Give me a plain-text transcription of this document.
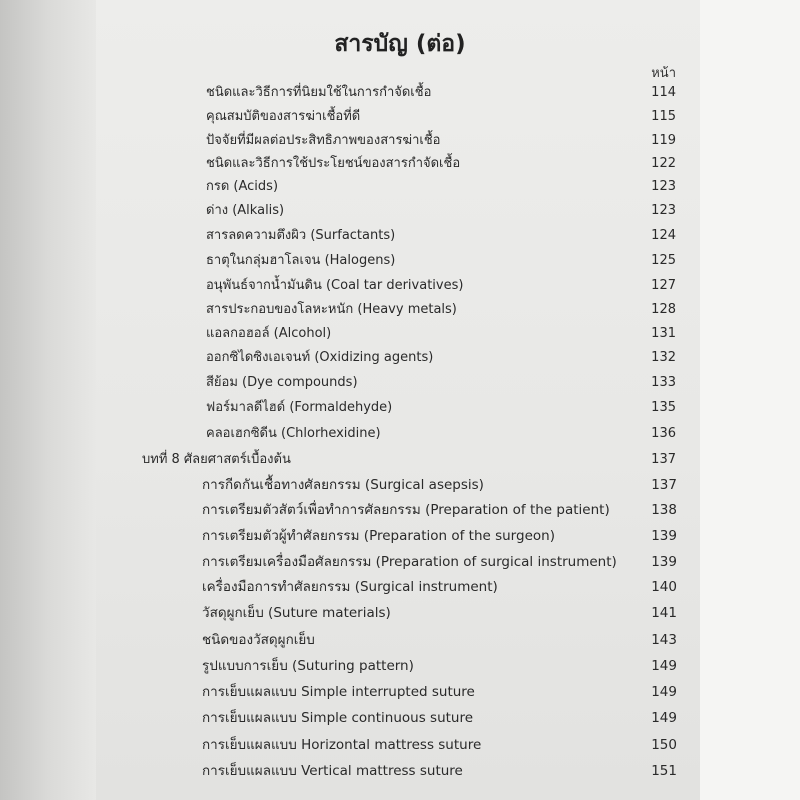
สารบัญ (ต่อ)
หน้า
ชนิดและวิธีการที่นิยมใช้ในการกำจัดเชื้อ	114
คุณสมบัติของสารฆ่าเชื้อที่ดี	115
ปัจจัยที่มีผลต่อประสิทธิภาพของสารฆ่าเชื้อ	119
ชนิดและวิธีการใช้ประโยชน์ของสารกำจัดเชื้อ	122
กรด (Acids)	123
ด่าง (Alkalis)	123
สารลดความตึงผิว (Surfactants)	124
ธาตุในกลุ่มฮาโลเจน (Halogens)	125
อนุพันธ์จากน้ำมันดิน (Coal tar derivatives)	127
สารประกอบของโลหะหนัก (Heavy metals)	128
แอลกอฮอล์ (Alcohol)	131
ออกซิไดซิงเอเจนท์ (Oxidizing agents)	132
สีย้อม (Dye compounds)	133
ฟอร์มาลดีไฮด์ (Formaldehyde)	135
คลอเฮกซิดีน (Chlorhexidine)	136
บทที่ 8 ศัลยศาสตร์เบื้องต้น	137
การกีดกันเชื้อทางศัลยกรรม (Surgical asepsis)	137
การเตรียมตัวสัตว์เพื่อทำการศัลยกรรม (Preparation of the patient)	138
การเตรียมตัวผู้ทำศัลยกรรม (Preparation of the surgeon)	139
การเตรียมเครื่องมือศัลยกรรม (Preparation of surgical instrument)	139
เครื่องมือการทำศัลยกรรม (Surgical instrument)	140
วัสดุผูกเย็บ (Suture materials)	141
ชนิดของวัสดุผูกเย็บ	143
รูปแบบการเย็บ (Suturing pattern)	149
การเย็บแผลแบบ Simple interrupted suture	149
การเย็บแผลแบบ Simple continuous suture	149
การเย็บแผลแบบ Horizontal mattress suture	150
การเย็บแผลแบบ Vertical mattress suture	151
